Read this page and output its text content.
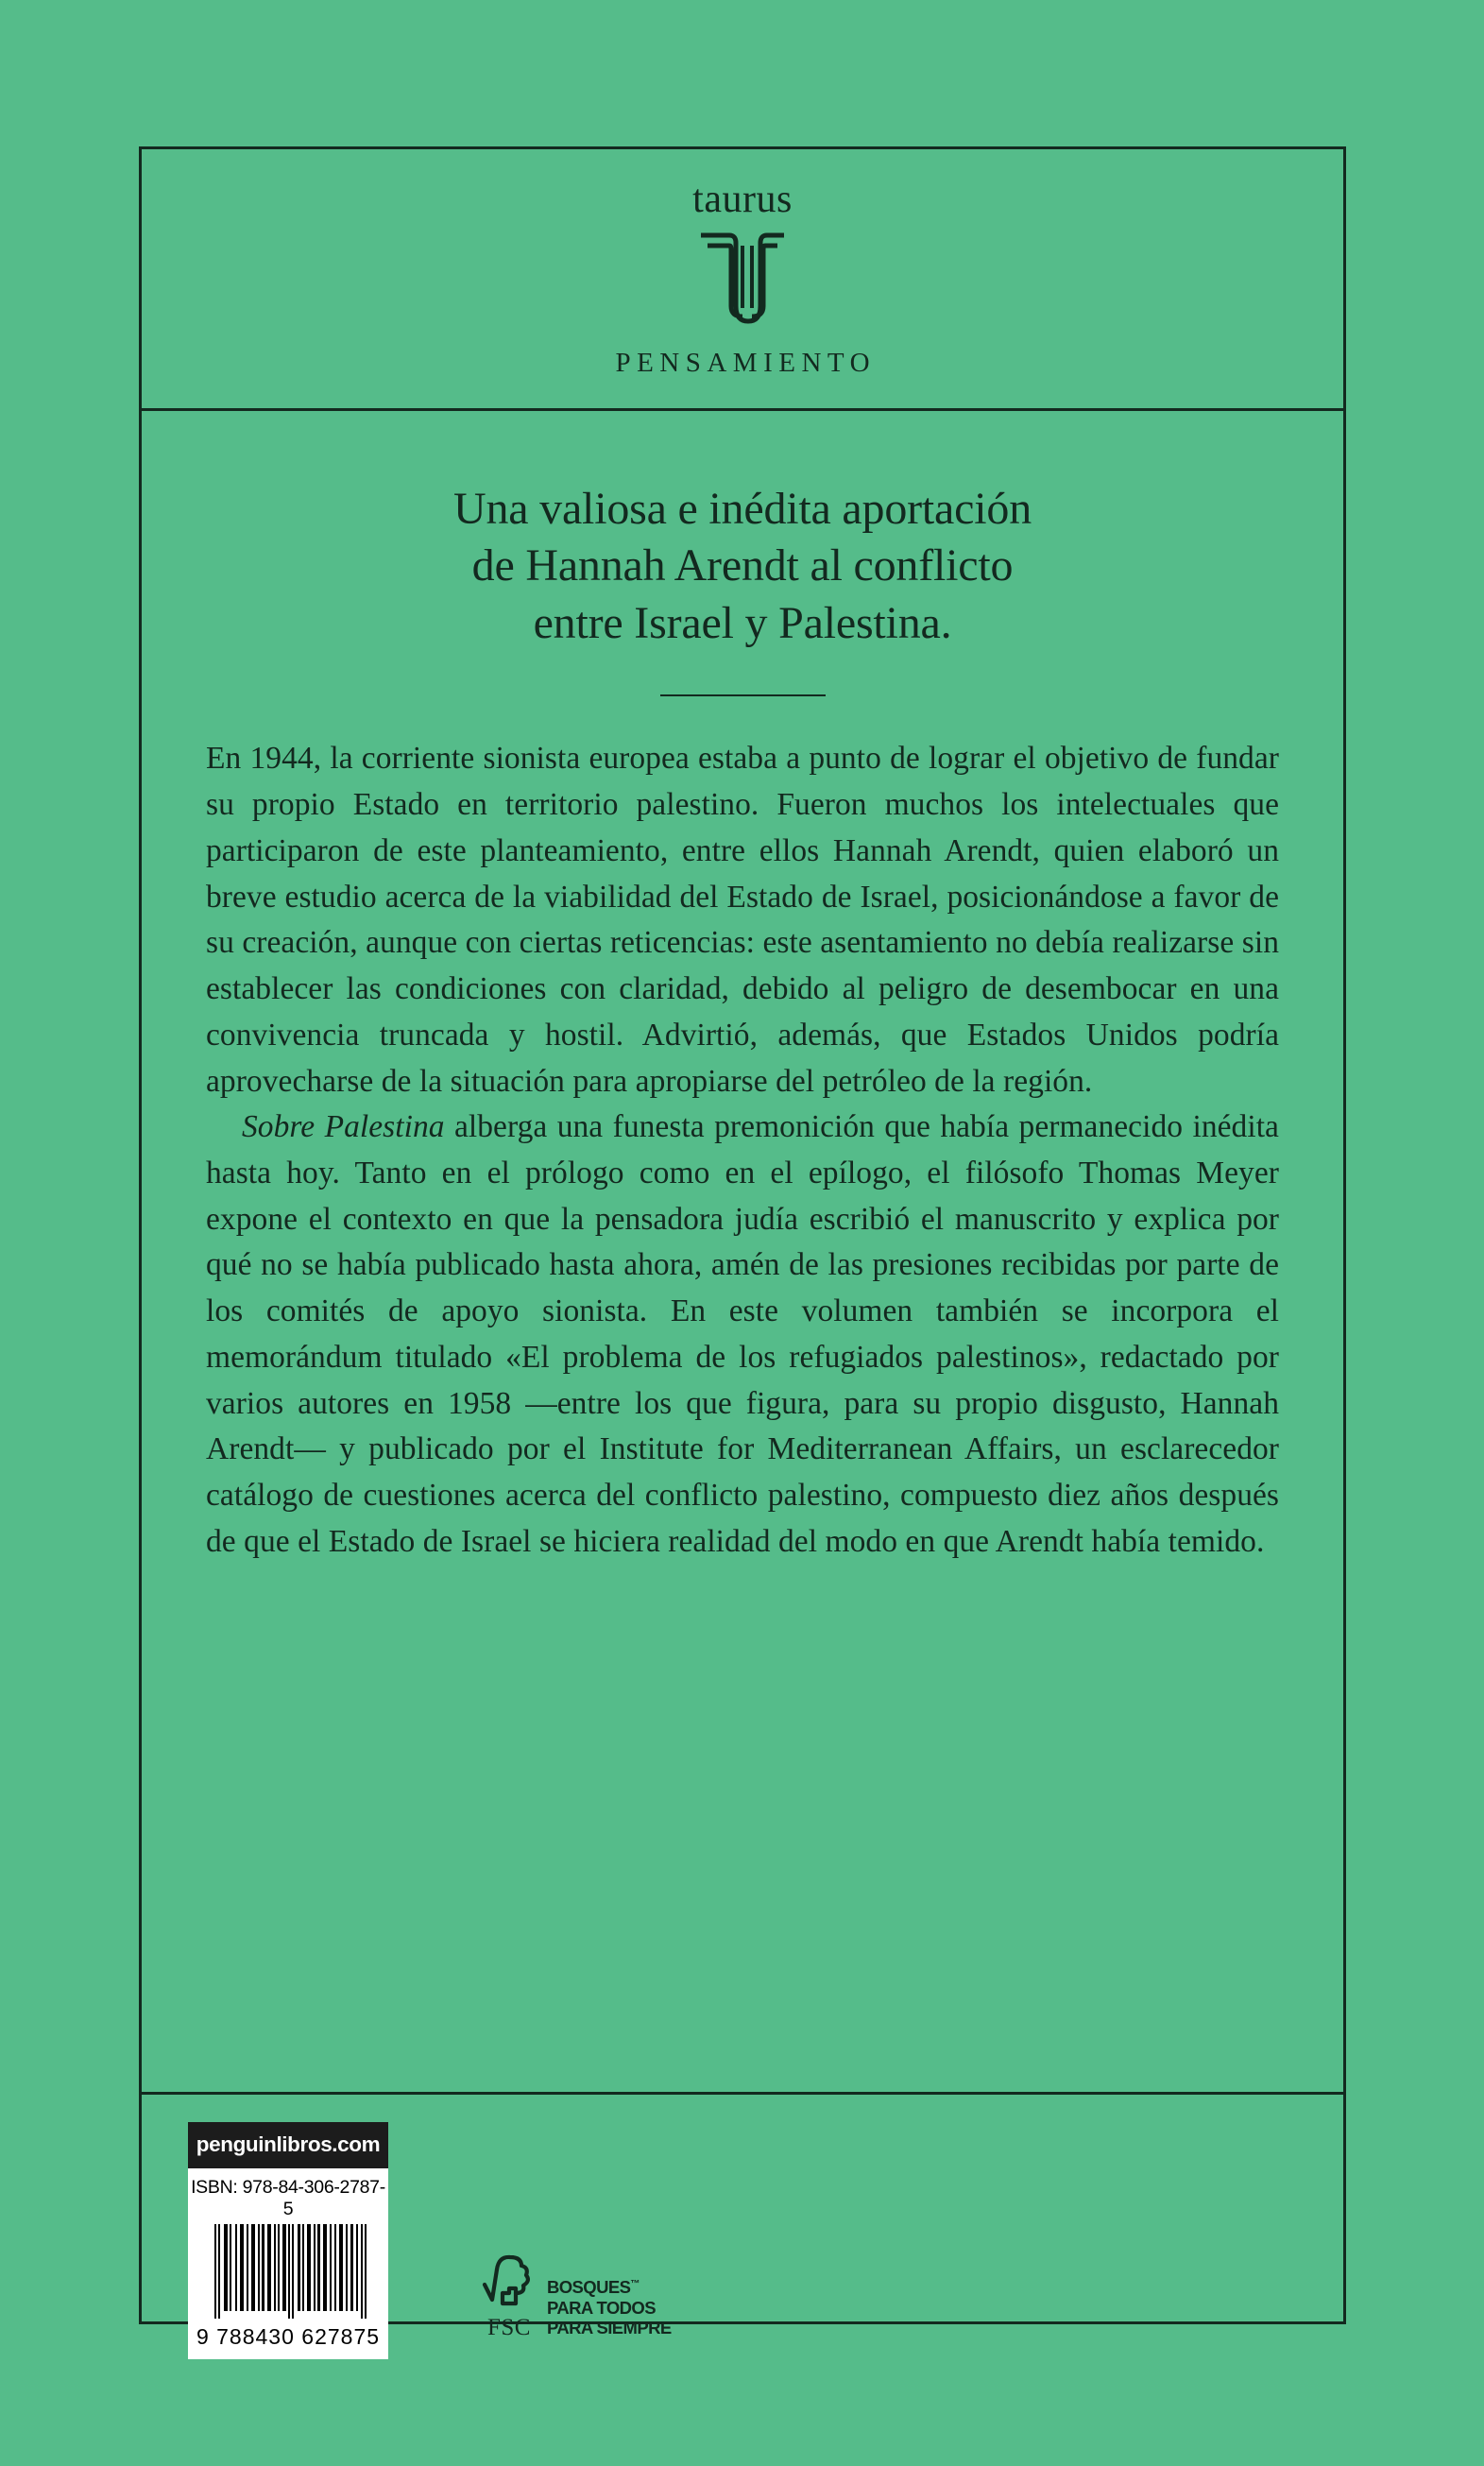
taurus
PENSAMIENTO
Una valiosa e inédita aportación
de Hannah Arendt al conflicto
entre Israel y Palestina.

En 1944, la corriente sionista europea estaba a punto de lograr el objetivo de fundar su propio Estado en territorio palestino. Fueron muchos los intelectuales que participaron de este planteamiento, entre ellos Hannah Arendt, quien elaboró un breve estudio acerca de la viabilidad del Estado de Israel, posicionándose a favor de su creación, aunque con ciertas reticencias: este asentamiento no debía realizarse sin establecer las condiciones con claridad, debido al peligro de desembocar en una convivencia truncada y hostil. Advirtió, además, que Estados Unidos podría aprovecharse de la situación para apropiarse del petróleo de la región.

Sobre Palestina alberga una funesta premonición que había permanecido inédita hasta hoy. Tanto en el prólogo como en el epílogo, el filósofo Thomas Meyer expone el contexto en que la pensadora judía escribió el manuscrito y explica por qué no se había publicado hasta ahora, amén de las presiones recibidas por parte de los comités de apoyo sionista. En este volumen también se incorpora el memorándum titulado «El problema de los refugiados palestinos», redactado por varios autores en 1958 —entre los que figura, para su propio disgusto, Hannah Arendt— y publicado por el Institute for Mediterranean Affairs, un esclarecedor catálogo de cuestiones acerca del conflicto palestino, compuesto diez años después de que el Estado de Israel se hiciera realidad del modo en que Arendt había temido.

penguinlibros.com
ISBN: 978-84-306-2787-5
9 788430 627875	FSC
BOSQUES™
PARA TODOS
PARA SIEMPRE
